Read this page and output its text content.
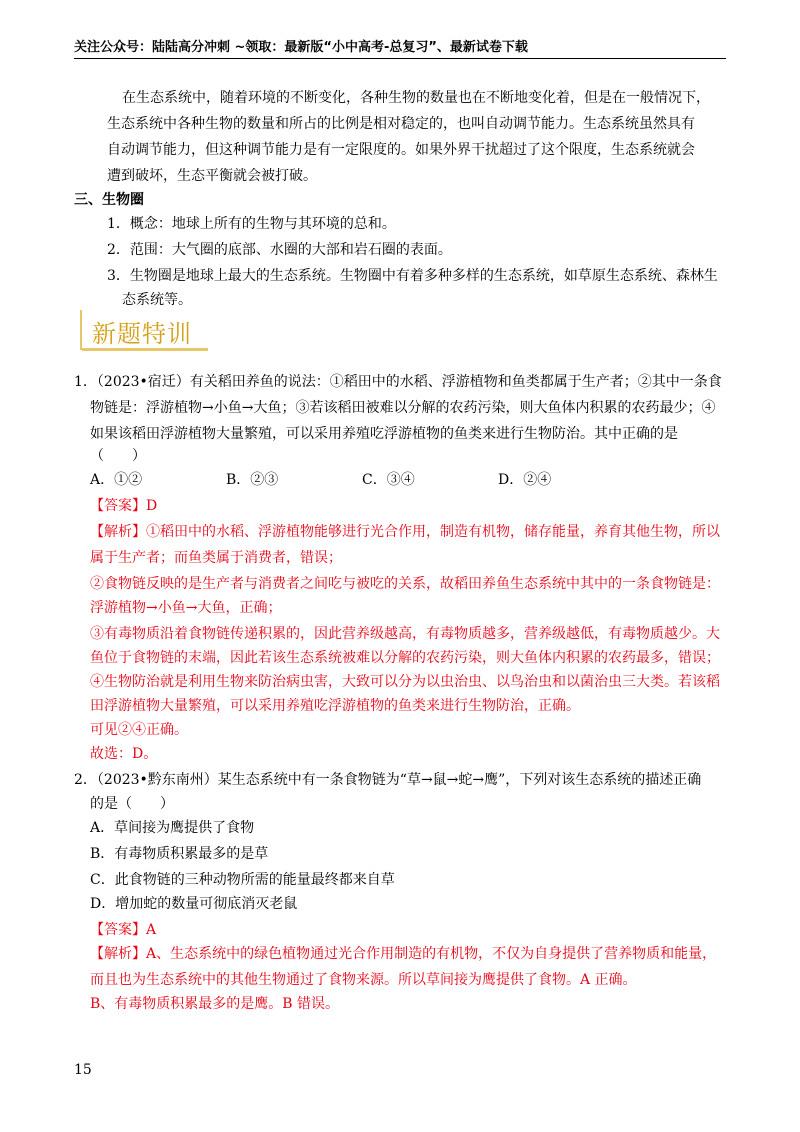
关注公众号：陆陆高分冲刺 ~领取：最新版“小中高考-总复习”、最新试卷下载
在生态系统中，随着环境的不断变化，各种生物的数量也在不断地变化着，但是在一般情况下，
生态系统中各种生物的数量和所占的比例是相对稳定的，也叫自动调节能力。生态系统虽然具有
自动调节能力，但这种调节能力是有一定限度的。如果外界干扰超过了这个限度，生态系统就会
遭到破坏，生态平衡就会被打破。
三、生物圈
1．概念：地球上所有的生物与其环境的总和。
2．范围：大气圈的底部、水圈的大部和岩石圈的表面。
3．生物圈是地球上最大的生态系统。生物圈中有着多种多样的生态系统，如草原生态系统、森林生
态系统等。
新题特训
1．（2023•宿迁）有关稻田养鱼的说法：①稻田中的水稻、浮游植物和鱼类都属于生产者；②其中一条食
物链是：浮游植物→小鱼→大鱼；③若该稻田被难以分解的农药污染，则大鱼体内积累的农药最少；④
如果该稻田浮游植物大量繁殖，可以采用养殖吃浮游植物的鱼类来进行生物防治。其中正确的是
（　　）
A．①②	B．②③	C．③④	D．②④
【答案】D
【解析】①稻田中的水稻、浮游植物能够进行光合作用，制造有机物，储存能量，养育其他生物，所以
属于生产者；而鱼类属于消费者，错误；
②食物链反映的是生产者与消费者之间吃与被吃的关系，故稻田养鱼生态系统中其中的一条食物链是：
浮游植物→小鱼→大鱼，正确；
③有毒物质沿着食物链传递积累的，因此营养级越高，有毒物质越多，营养级越低，有毒物质越少。大
鱼位于食物链的末端，因此若该生态系统被难以分解的农药污染，则大鱼体内积累的农药最多，错误；
④生物防治就是利用生物来防治病虫害，大致可以分为以虫治虫、以鸟治虫和以菌治虫三大类。若该稻
田浮游植物大量繁殖，可以采用养殖吃浮游植物的鱼类来进行生物防治，正确。
可见②④正确。
故选：D。
2．（2023•黔东南州）某生态系统中有一条食物链为“草→鼠→蛇→鹰”，下列对该生态系统的描述正确
的是（　　）
A．草间接为鹰提供了食物
B．有毒物质积累最多的是草
C．此食物链的三种动物所需的能量最终都来自草
D．增加蛇的数量可彻底消灭老鼠
【答案】A
【解析】A、生态系统中的绿色植物通过光合作用制造的有机物，不仅为自身提供了营养物质和能量，
而且也为生态系统中的其他生物通过了食物来源。所以草间接为鹰提供了食物。A 正确。
B、有毒物质积累最多的是鹰。B 错误。
15
